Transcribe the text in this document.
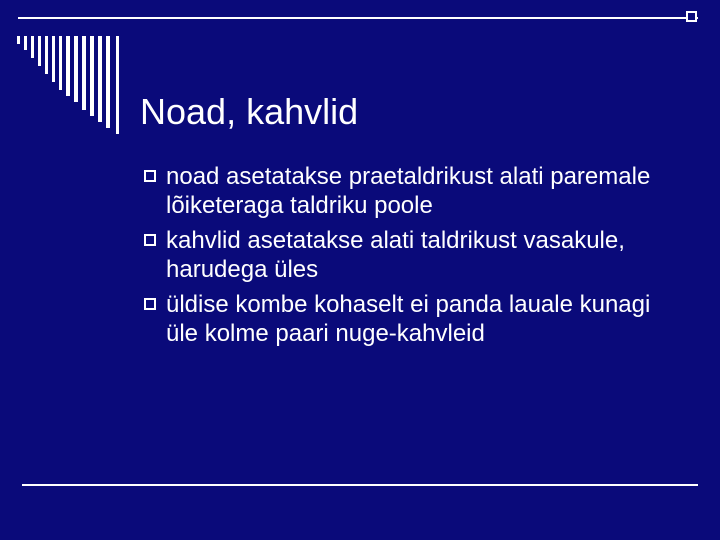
Noad, kahvlid
noad asetatakse praetaldrikust alati paremale lõiketeraga taldriku poole
kahvlid asetatakse alati taldrikust vasakule, harudega üles
üldise kombe kohaselt ei panda lauale kunagi üle kolme paari nuge-kahvleid
